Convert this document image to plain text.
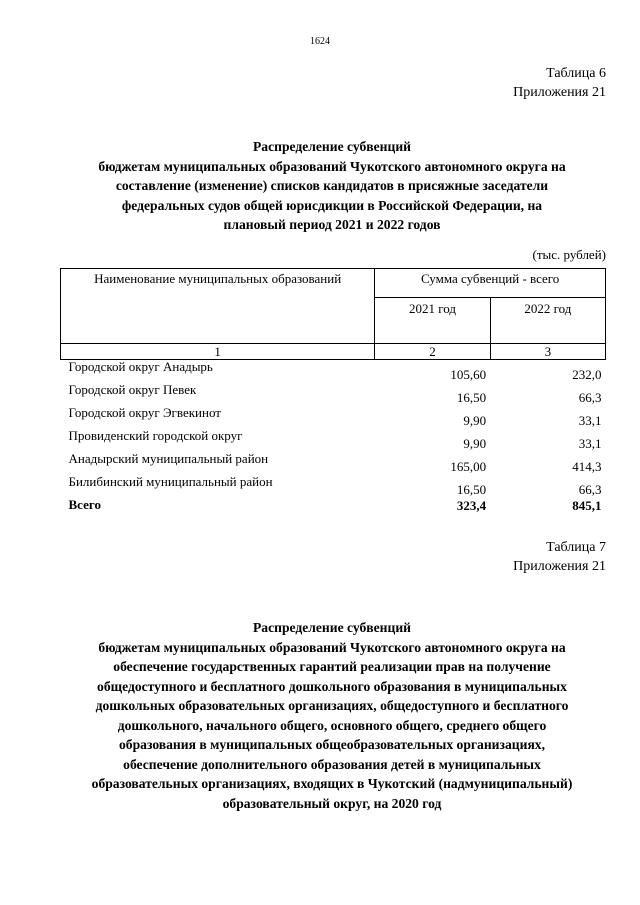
1624
Таблица 6
Приложения 21
Распределение субвенций
бюджетам муниципальных образований Чукотского автономного округа на
составление (изменение) списков кандидатов в присяжные заседатели
федеральных судов общей юрисдикции в Российской Федерации, на
плановый период 2021 и 2022 годов
(тыс. рублей)
Наименование муниципальных образований	Сумма субвенций - всего	
	2021 год	2022 год
1	2	3
Городской округ Анадырь	105,60	232,0
Городской округ Певек	16,50	66,3
Городской округ Эгвекинот	9,90	33,1
Провиденский городской округ	9,90	33,1
Анадырский муниципальный район	165,00	414,3
Билибинский муниципальный район	16,50	66,3
Всего	323,4	845,1
Таблица 7
Приложения 21
Распределение субвенций
бюджетам муниципальных образований Чукотского автономного округа на
обеспечение государственных гарантий реализации прав на получение
общедоступного и бесплатного дошкольного образования в муниципальных
дошкольных образовательных организациях, общедоступного и бесплатного
дошкольного, начального общего, основного общего, среднего общего
образования в муниципальных общеобразовательных организациях,
обеспечение дополнительного образования детей в муниципальных
образовательных организациях, входящих в Чукотский (надмуниципальный)
образовательный округ, на 2020 год
